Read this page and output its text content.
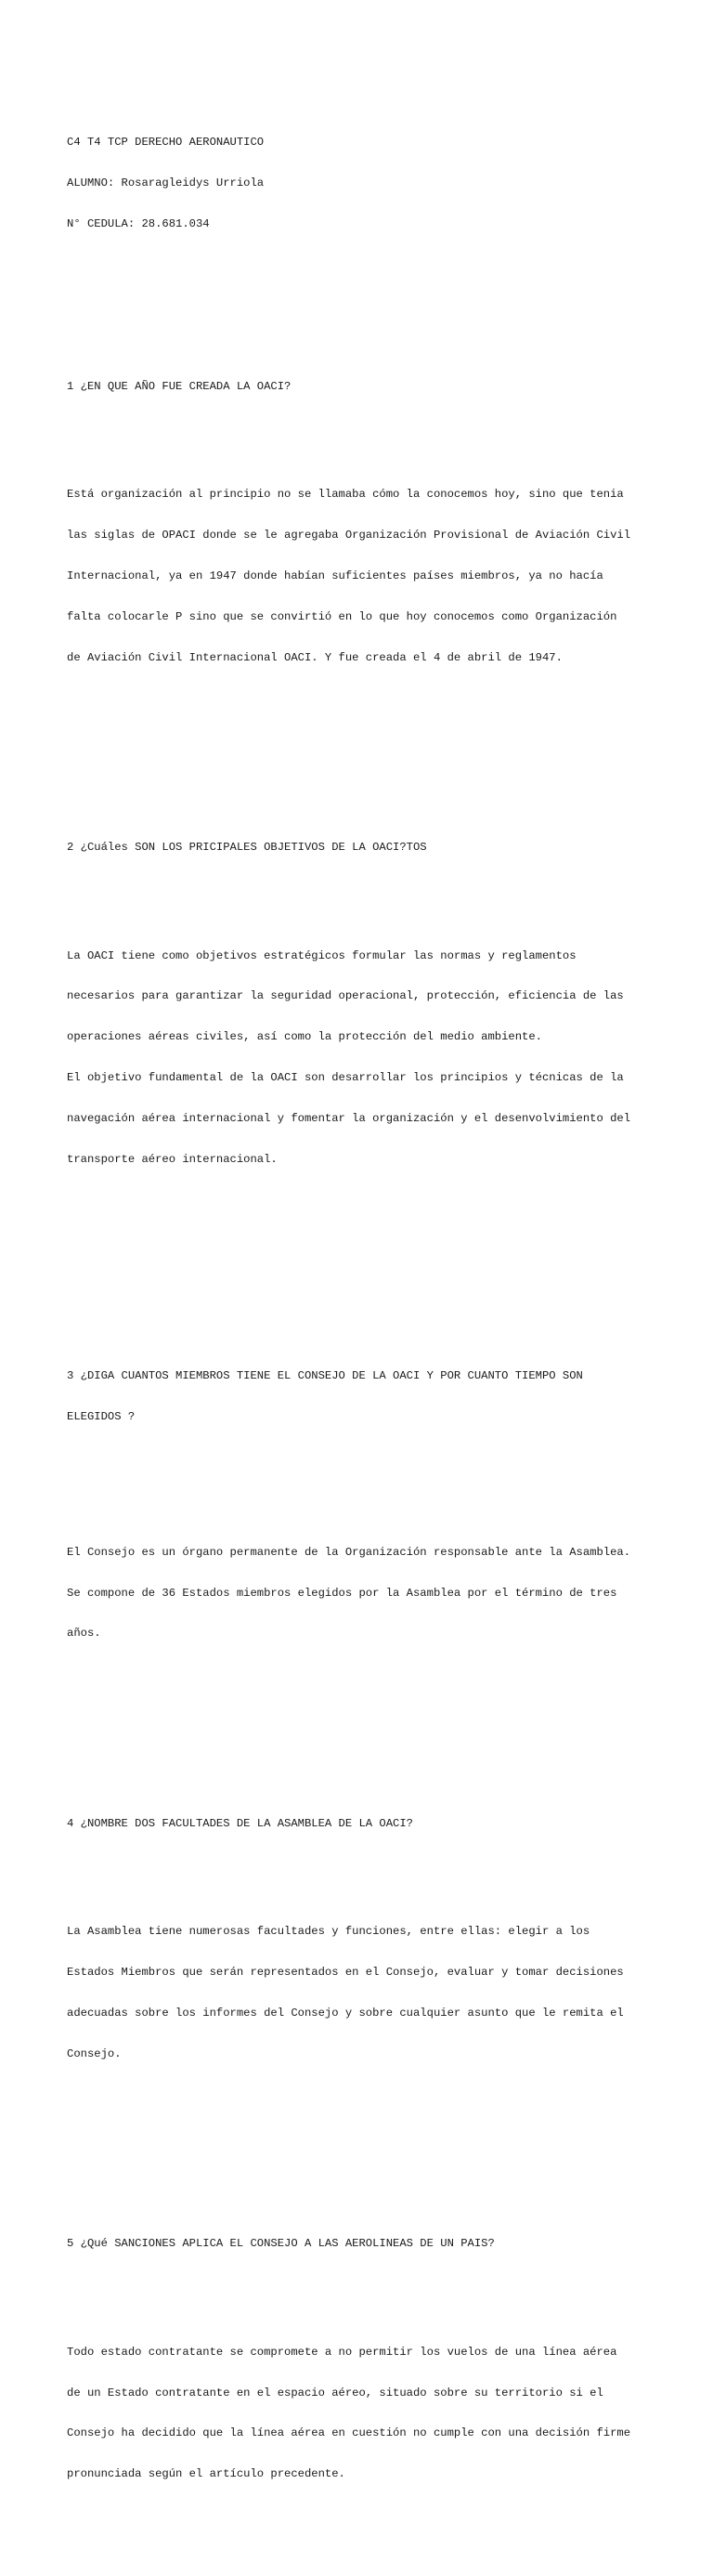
C4 T4 TCP DERECHO AERONAUTICO

ALUMNO: Rosaragleidys Urriola

N° CEDULA: 28.681.034

1 ¿EN QUE AÑO FUE CREADA LA OACI?

Está organización al principio no se llamaba cómo la conocemos hoy, sino que tenia

las siglas de OPACI donde se le agregaba Organización Provisional de Aviación Civil

Internacional, ya en 1947 donde habían suficientes países miembros, ya no hacía

falta colocarle P sino que se convirtió en lo que hoy conocemos como Organización

de Aviación Civil Internacional OACI. Y fue creada el 4 de abril de 1947.

2 ¿Cuáles SON LOS PRICIPALES OBJETIVOS DE LA OACI?TOS

La OACI tiene como objetivos estratégicos formular las normas y reglamentos

necesarios para garantizar la seguridad operacional, protección, eficiencia de las

operaciones aéreas civiles, así como la protección del medio ambiente.

El objetivo fundamental de la OACI son desarrollar los principios y técnicas de la

navegación aérea internacional y fomentar la organización y el desenvolvimiento del

transporte aéreo internacional.

3 ¿DIGA CUANTOS MIEMBROS TIENE EL CONSEJO DE LA OACI Y POR CUANTO TIEMPO SON

ELEGIDOS ?

El Consejo es un órgano permanente de la Organización responsable ante la Asamblea.

Se compone de 36 Estados miembros elegidos por la Asamblea por el término de tres

años.

4 ¿NOMBRE DOS FACULTADES DE LA ASAMBLEA DE LA OACI?

La Asamblea tiene numerosas facultades y funciones, entre ellas: elegir a los

Estados Miembros que serán representados en el Consejo, evaluar y tomar decisiones

adecuadas sobre los informes del Consejo y sobre cualquier asunto que le remita el

Consejo.

5 ¿Qué SANCIONES APLICA EL CONSEJO A LAS AEROLINEAS DE UN PAIS?

Todo estado contratante se compromete a no permitir los vuelos de una línea aérea

de un Estado contratante en el espacio aéreo, situado sobre su territorio si el

Consejo ha decidido que la línea aérea en cuestión no cumple con una decisión firme

pronunciada según el artículo precedente.
